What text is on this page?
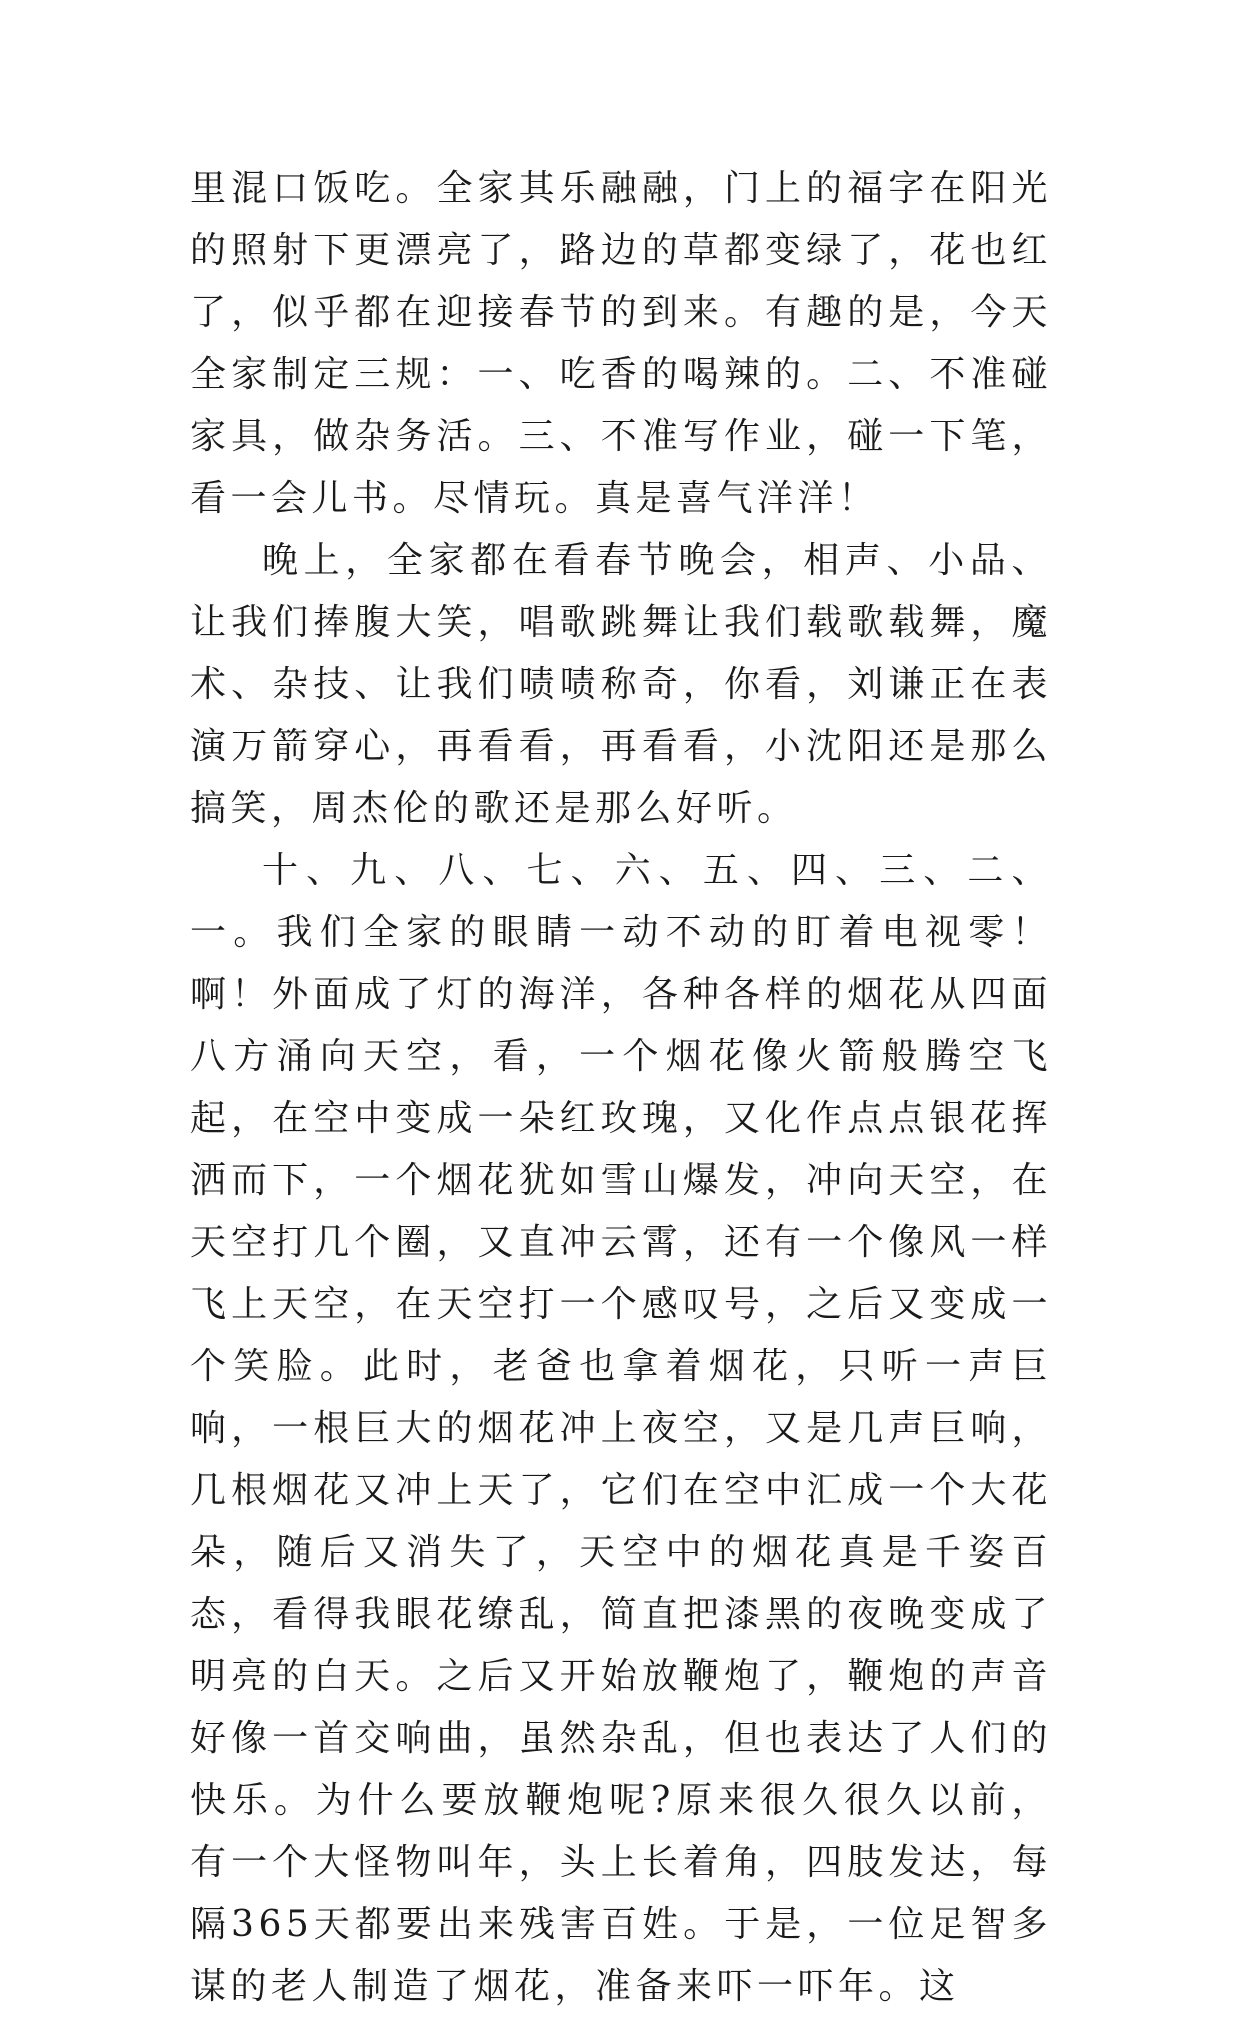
里混口饭吃。全家其乐融融，门上的福字在阳光的照射下更漂亮了，路边的草都变绿了，花也红了，似乎都在迎接春节的到来。有趣的是，今天全家制定三规：一、吃香的喝辣的。二、不准碰家具，做杂务活。三、不准写作业，碰一下笔，看一会儿书。尽情玩。真是喜气洋洋！

晚上，全家都在看春节晚会，相声、小品、让我们捧腹大笑，唱歌跳舞让我们载歌载舞，魔术、杂技、让我们啧啧称奇，你看，刘谦正在表演万箭穿心，再看看，再看看，小沈阳还是那么搞笑，周杰伦的歌还是那么好听。

十、九、八、七、六、五、四、三、二、一。我们全家的眼睛一动不动的盯着电视零！啊！外面成了灯的海洋，各种各样的烟花从四面八方涌向天空，看，一个烟花像火箭般腾空飞起，在空中变成一朵红玫瑰，又化作点点银花挥洒而下，一个烟花犹如雪山爆发，冲向天空，在天空打几个圈，又直冲云霄，还有一个像风一样飞上天空，在天空打一个感叹号，之后又变成一个笑脸。此时，老爸也拿着烟花，只听一声巨响，一根巨大的烟花冲上夜空，又是几声巨响，几根烟花又冲上天了，它们在空中汇成一个大花朵，随后又消失了，天空中的烟花真是千姿百态，看得我眼花缭乱，简直把漆黑的夜晚变成了明亮的白天。之后又开始放鞭炮了，鞭炮的声音好像一首交响曲，虽然杂乱，但也表达了人们的快乐。为什么要放鞭炮呢?原来很久很久以前，有一个大怪物叫年，头上长着角，四肢发达，每隔365天都要出来残害百姓。于是，一位足智多谋的老人制造了烟花，准备来吓一吓年。这
